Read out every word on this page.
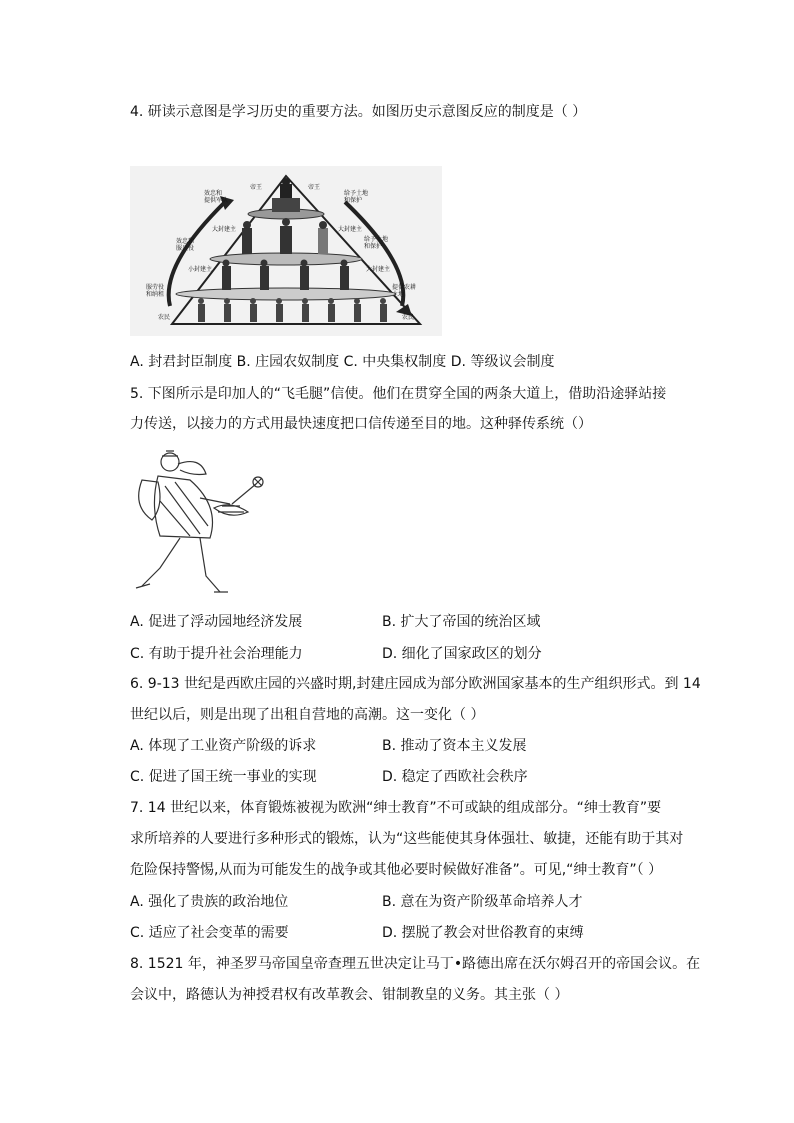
4. 研读示意图是学习历史的重要方法。如图历史示意图反应的制度是（ ）
效忠和
提供军队
帝王	帝王
给予土地
和保护
大封建主	大封建主
效忠和
服兵役
给予土地
和保护
小封建主	大封建主
服劳役
和纳租
提供农耕
土地
农民	农民
A. 封君封臣制度 B. 庄园农奴制度 C. 中央集权制度 D. 等级议会制度
5. 下图所示是印加人的“飞毛腿”信使。他们在贯穿全国的两条大道上，借助沿途驿站接
力传送，以接力的方式用最快速度把口信传递至目的地。这种驿传系统（）
A. 促进了浮动园地经济发展	B. 扩大了帝国的统治区域
C. 有助于提升社会治理能力	D. 细化了国家政区的划分
6. 9-13 世纪是西欧庄园的兴盛时期,封建庄园成为部分欧洲国家基本的生产组织形式。到 14
世纪以后，则是出现了出租自营地的高潮。这一变化（ ）
A. 体现了工业资产阶级的诉求	B. 推动了资本主义发展
C. 促进了国王统一事业的实现	D. 稳定了西欧社会秩序
7. 14 世纪以来，体育锻炼被视为欧洲“绅士教育”不可或缺的组成部分。“绅士教育”要
求所培养的人要进行多种形式的锻炼，认为“这些能使其身体强壮、敏捷，还能有助于其对
危险保持警惕,从而为可能发生的战争或其他必要时候做好准备”。可见,“绅士教育”（ ）
A. 强化了贵族的政治地位	B. 意在为资产阶级革命培养人才
C. 适应了社会变革的需要	D. 摆脱了教会对世俗教育的束缚
8. 1521 年，神圣罗马帝国皇帝查理五世决定让马丁•路德出席在沃尔姆召开的帝国会议。在
会议中，路德认为神授君权有改革教会、钳制教皇的义务。其主张（ ）
